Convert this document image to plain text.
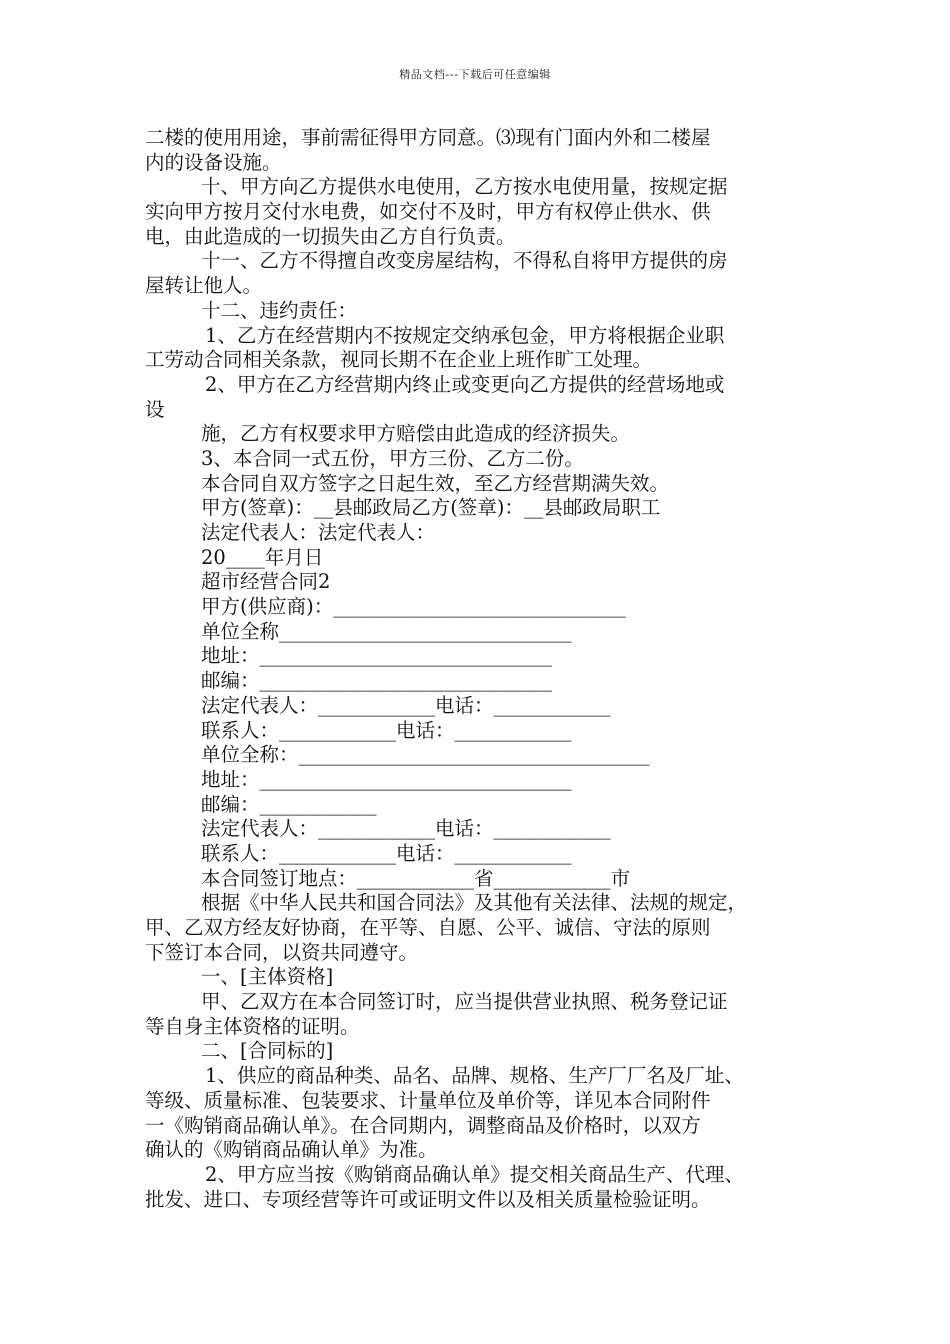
精品文档---下载后可任意编辑
二楼的使用用途，事前需征得甲方同意。⑶现有门面内外和二楼屋
内的设备设施。
十、甲方向乙方提供水电使用，乙方按水电使用量，按规定据
实向甲方按月交付水电费，如交付不及时，甲方有权停止供水、供
电，由此造成的一切损失由乙方自行负责。
十一、乙方不得擅自改变房屋结构，不得私自将甲方提供的房
屋转让他人。
十二、违约责任：
1、乙方在经营期内不按规定交纳承包金，甲方将根据企业职
工劳动合同相关条款，视同长期不在企业上班作旷工处理。
2、甲方在乙方经营期内终止或变更向乙方提供的经营场地或
设
施，乙方有权要求甲方赔偿由此造成的经济损失。
3、本合同一式五份，甲方三份、乙方二份。
本合同自双方签字之日起生效，至乙方经营期满失效。
甲方(签章)：__县邮政局乙方(签章)：__县邮政局职工
法定代表人：法定代表人：
20____年月日
超市经营合同2
甲方(供应商)：______________________________
单位全称______________________________
地址：______________________________
邮编：______________________________
法定代表人：____________电话：____________
联系人：____________电话：____________
单位全称：____________________________________
地址：________________________________
邮编：____________
法定代表人：____________电话：____________
联系人：____________电话：____________
本合同签订地点：____________省____________市
根据《中华人民共和国合同法》及其他有关法律、法规的规定，
甲、乙双方经友好协商，在平等、自愿、公平、诚信、守法的原则
下签订本合同，以资共同遵守。
一、[主体资格]
甲、乙双方在本合同签订时，应当提供营业执照、税务登记证
等自身主体资格的证明。
二、[合同标的]
1、供应的商品种类、品名、品牌、规格、生产厂厂名及厂址、
等级、质量标准、包装要求、计量单位及单价等，详见本合同附件
一《购销商品确认单》。在合同期内，调整商品及价格时，以双方
确认的《购销商品确认单》为准。
2、甲方应当按《购销商品确认单》提交相关商品生产、代理、
批发、进口、专项经营等许可或证明文件以及相关质量检验证明。
